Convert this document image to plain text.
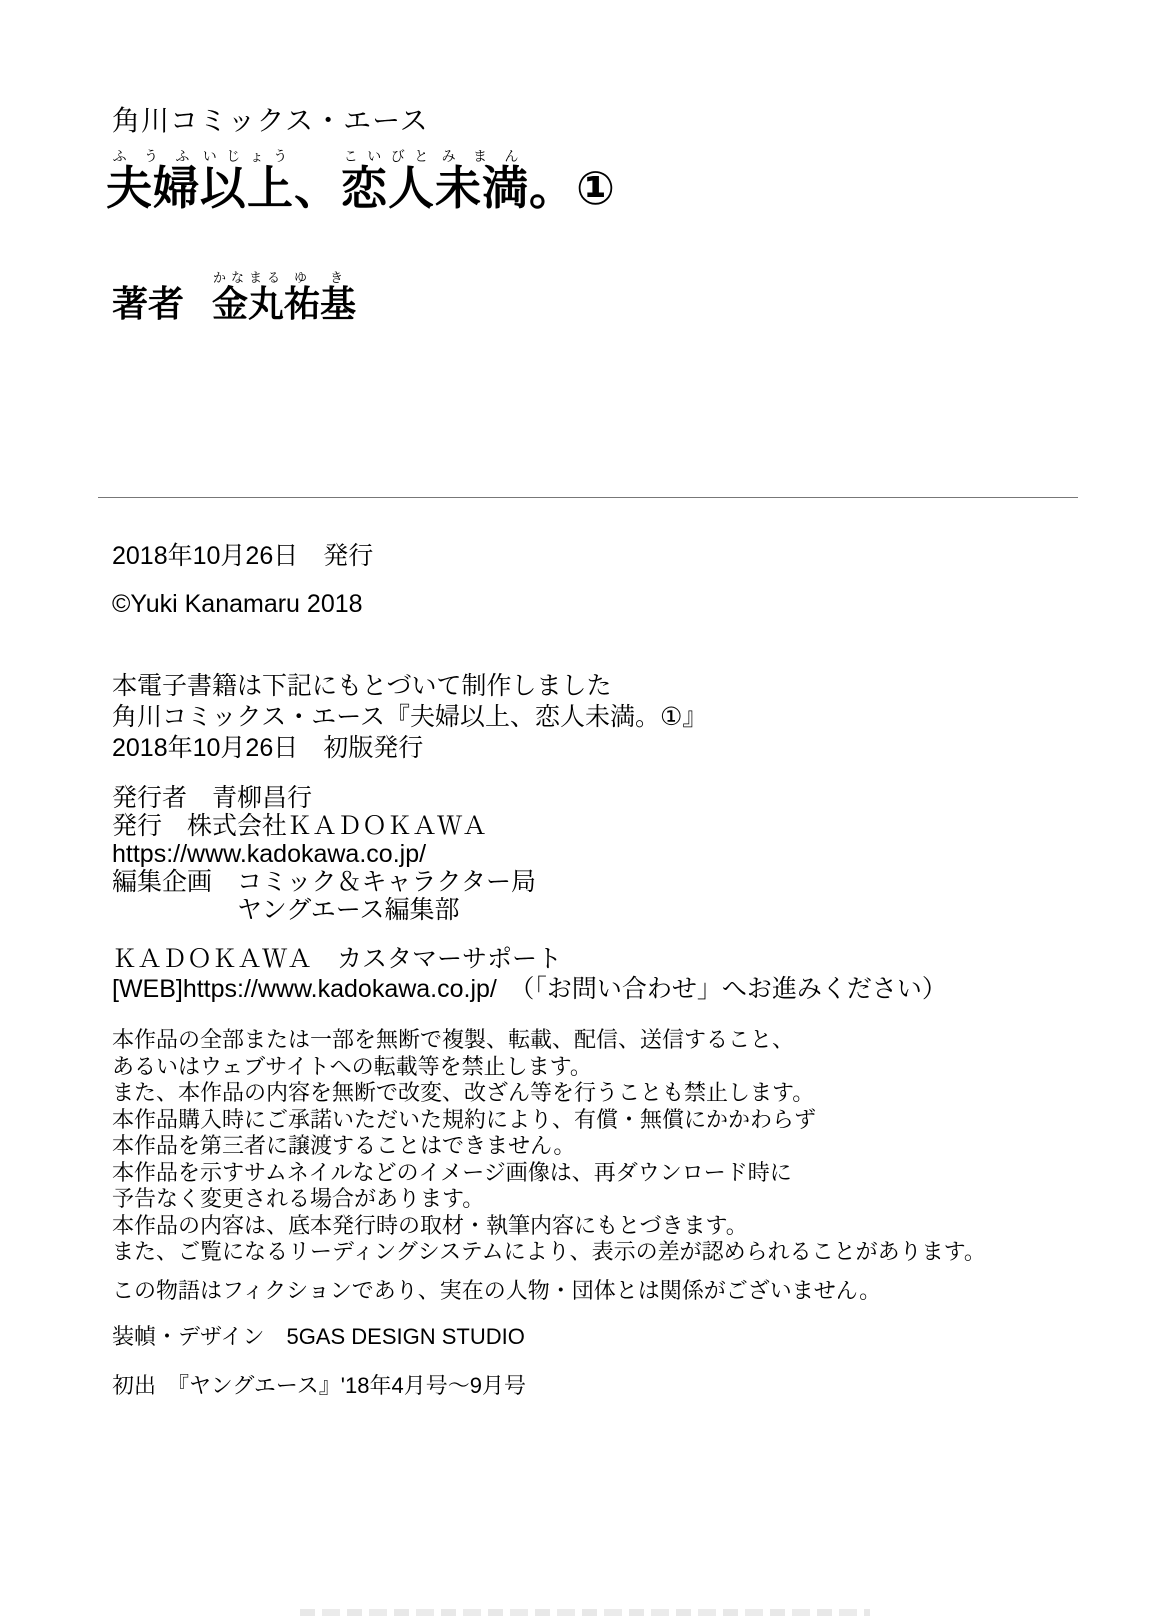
角川コミックス・エース
夫婦ふうふ以上いじょう、恋人こいびと未満みまん。①
著者 金丸かなまる祐ゆ基き
2018年10月26日　発行
©Yuki Kanamaru 2018
本電子書籍は下記にもとづいて制作しました
角川コミックス・エース『夫婦以上、恋人未満。①』
2018年10月26日　初版発行
発行者　青柳昌行
発行　株式会社ＫＡＤＯＫＡＷＡ
https://www.kadokawa.co.jp/
編集企画　コミック＆キャラクター局
ヤングエース編集部
ＫＡＤＯＫＡＷＡ　カスタマーサポート
[WEB]https://www.kadokawa.co.jp/　（「お問い合わせ」へお進みください）
本作品の全部または一部を無断で複製、転載、配信、送信すること、
あるいはウェブサイトへの転載等を禁止します。
また、本作品の内容を無断で改変、改ざん等を行うことも禁止します。
本作品購入時にご承諾いただいた規約により、有償・無償にかかわらず
本作品を第三者に譲渡することはできません。
本作品を示すサムネイルなどのイメージ画像は、再ダウンロード時に
予告なく変更される場合があります。
本作品の内容は、底本発行時の取材・執筆内容にもとづきます。
また、ご覧になるリーディングシステムにより、表示の差が認められることがあります。
この物語はフィクションであり、実在の人物・団体とは関係がございません。
装幀・デザイン　5GAS DESIGN STUDIO
初出　『ヤングエース』'18年4月号～9月号
